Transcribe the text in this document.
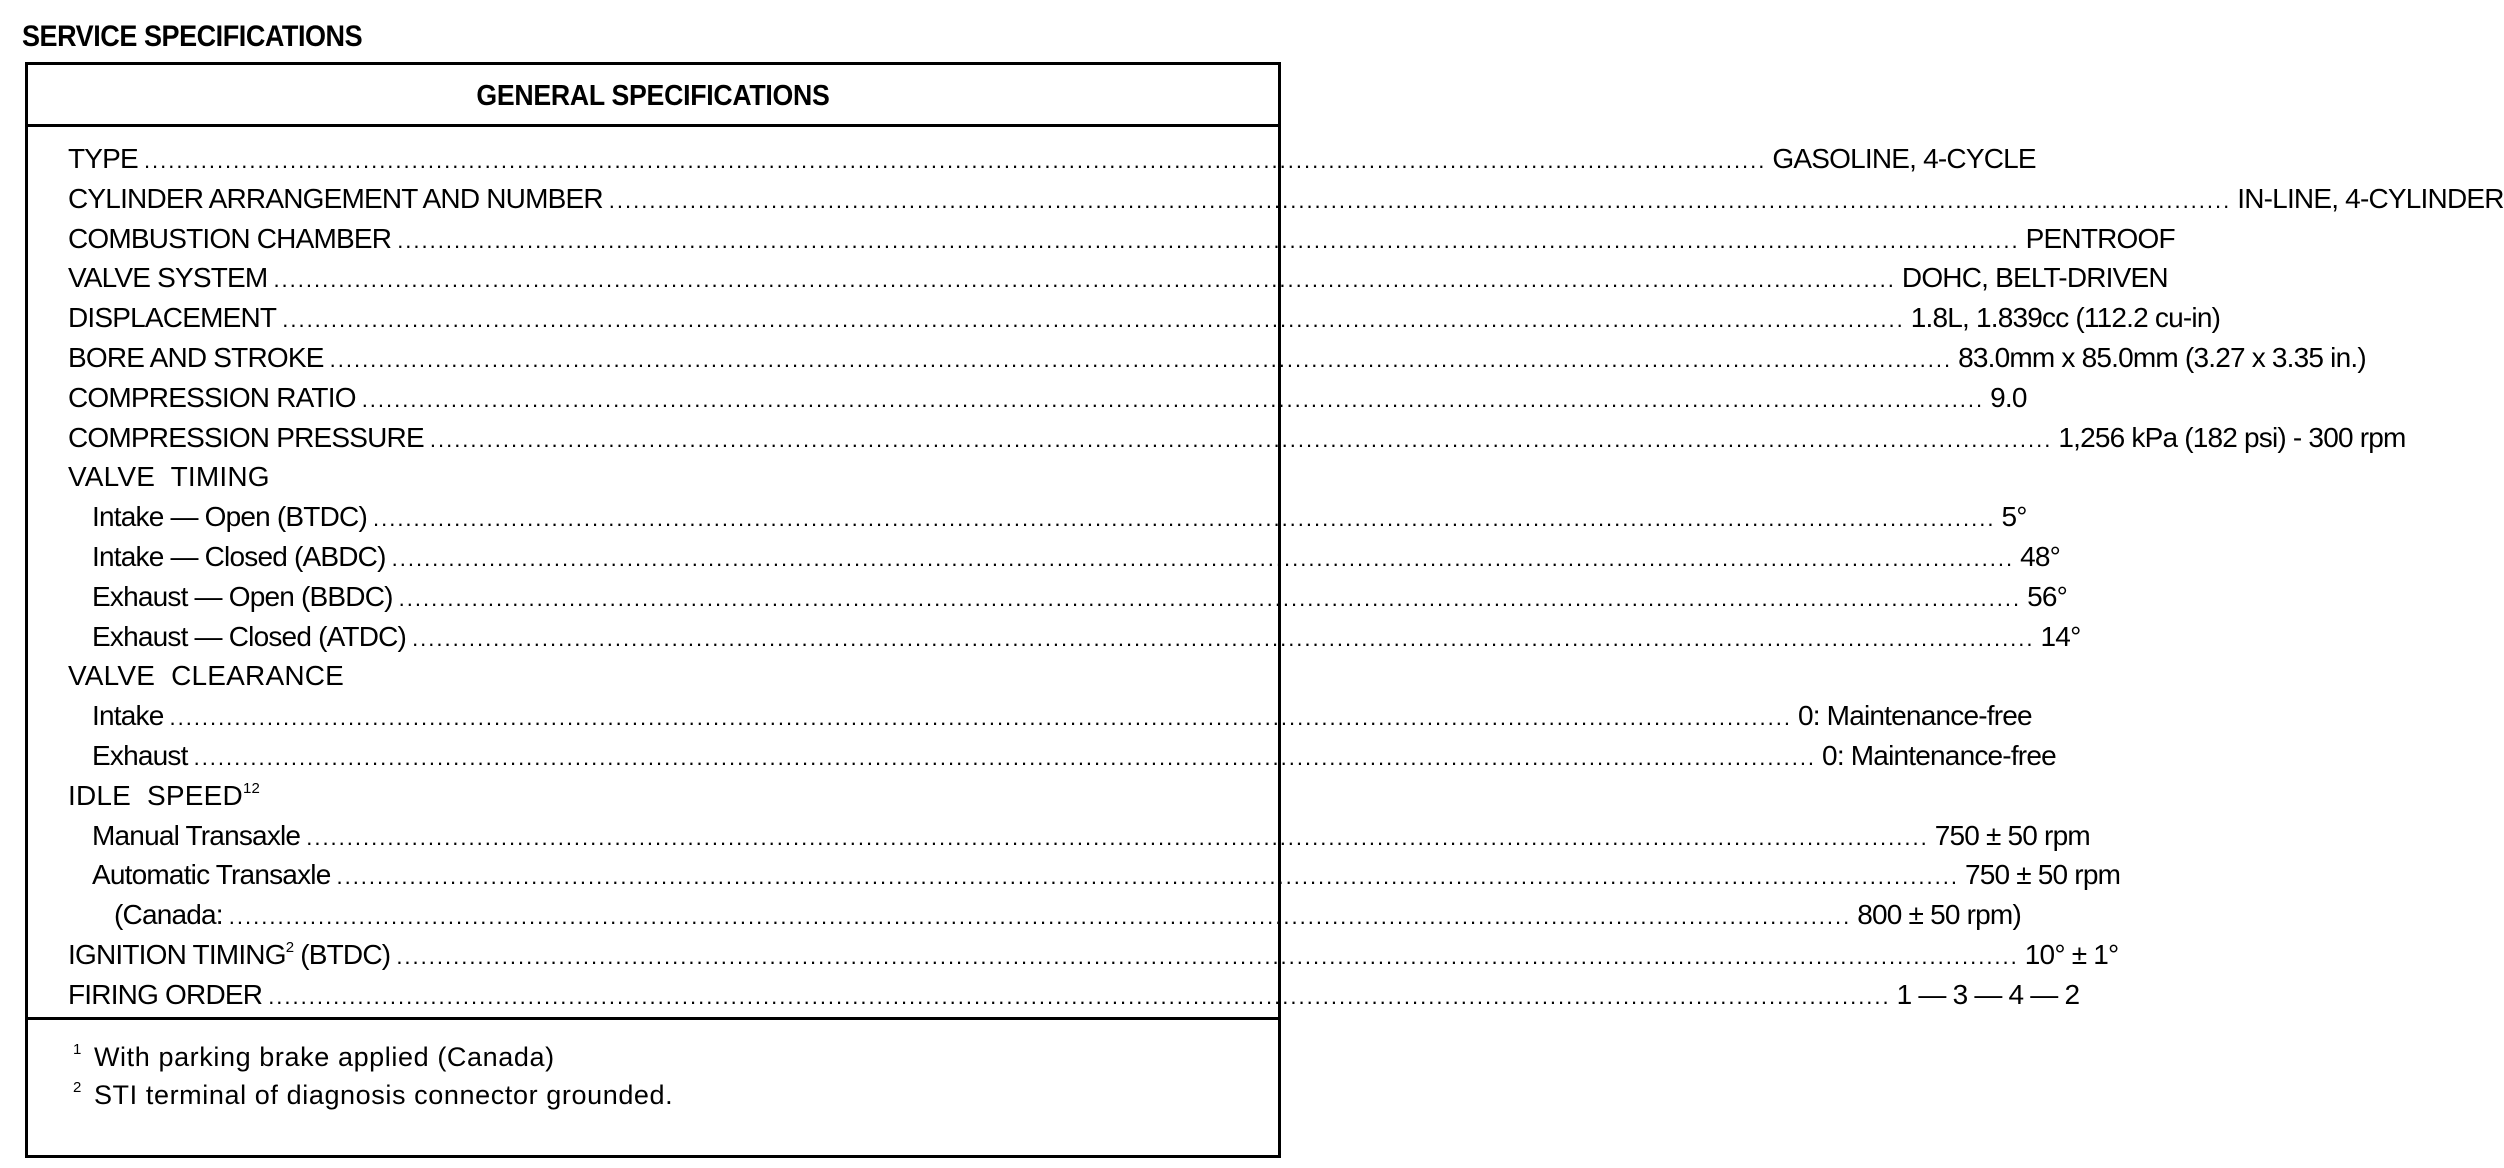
SERVICE SPECIFICATIONS
GENERAL SPECIFICATIONS
TYPE ........................................................................................................................................................................................................ GASOLINE, 4-CYCLE
CYLINDER ARRANGEMENT AND NUMBER ........................................................................................................................................................................................................ IN-LINE, 4-CYLINDER
COMBUSTION CHAMBER ........................................................................................................................................................................................................ PENTROOF
VALVE SYSTEM ........................................................................................................................................................................................................ DOHC, BELT-DRIVEN
DISPLACEMENT ........................................................................................................................................................................................................ 1.8L, 1.839cc (112.2 cu-in)
BORE AND STROKE ........................................................................................................................................................................................................ 83.0mm x 85.0mm (3.27 x 3.35 in.)
COMPRESSION RATIO ........................................................................................................................................................................................................ 9.0
COMPRESSION PRESSURE ........................................................................................................................................................................................................ 1,256 kPa (182 psi) - 300 rpm
VALVE  TIMING
Intake — Open (BTDC) ........................................................................................................................................................................................................ 5°
Intake — Closed (ABDC) ........................................................................................................................................................................................................ 48°
Exhaust — Open (BBDC) ........................................................................................................................................................................................................ 56°
Exhaust — Closed (ATDC) ........................................................................................................................................................................................................ 14°
VALVE  CLEARANCE
Intake ........................................................................................................................................................................................................ 0: Maintenance-free
Exhaust ........................................................................................................................................................................................................ 0: Maintenance-free
IDLE  SPEED$^{12}$
Manual Transaxle ........................................................................................................................................................................................................ 750 ± 50 rpm
Automatic Transaxle ........................................................................................................................................................................................................ 750 ± 50 rpm
(Canada: ........................................................................................................................................................................................................ 800 ± 50 rpm)
IGNITION TIMING$^2$ (BTDC) ........................................................................................................................................................................................................ 10° ± 1°
FIRING ORDER ........................................................................................................................................................................................................ 1 — 3 — 4 — 2
$^1$ With parking brake applied (Canada)
$^2$ STI terminal of diagnosis connector grounded.
